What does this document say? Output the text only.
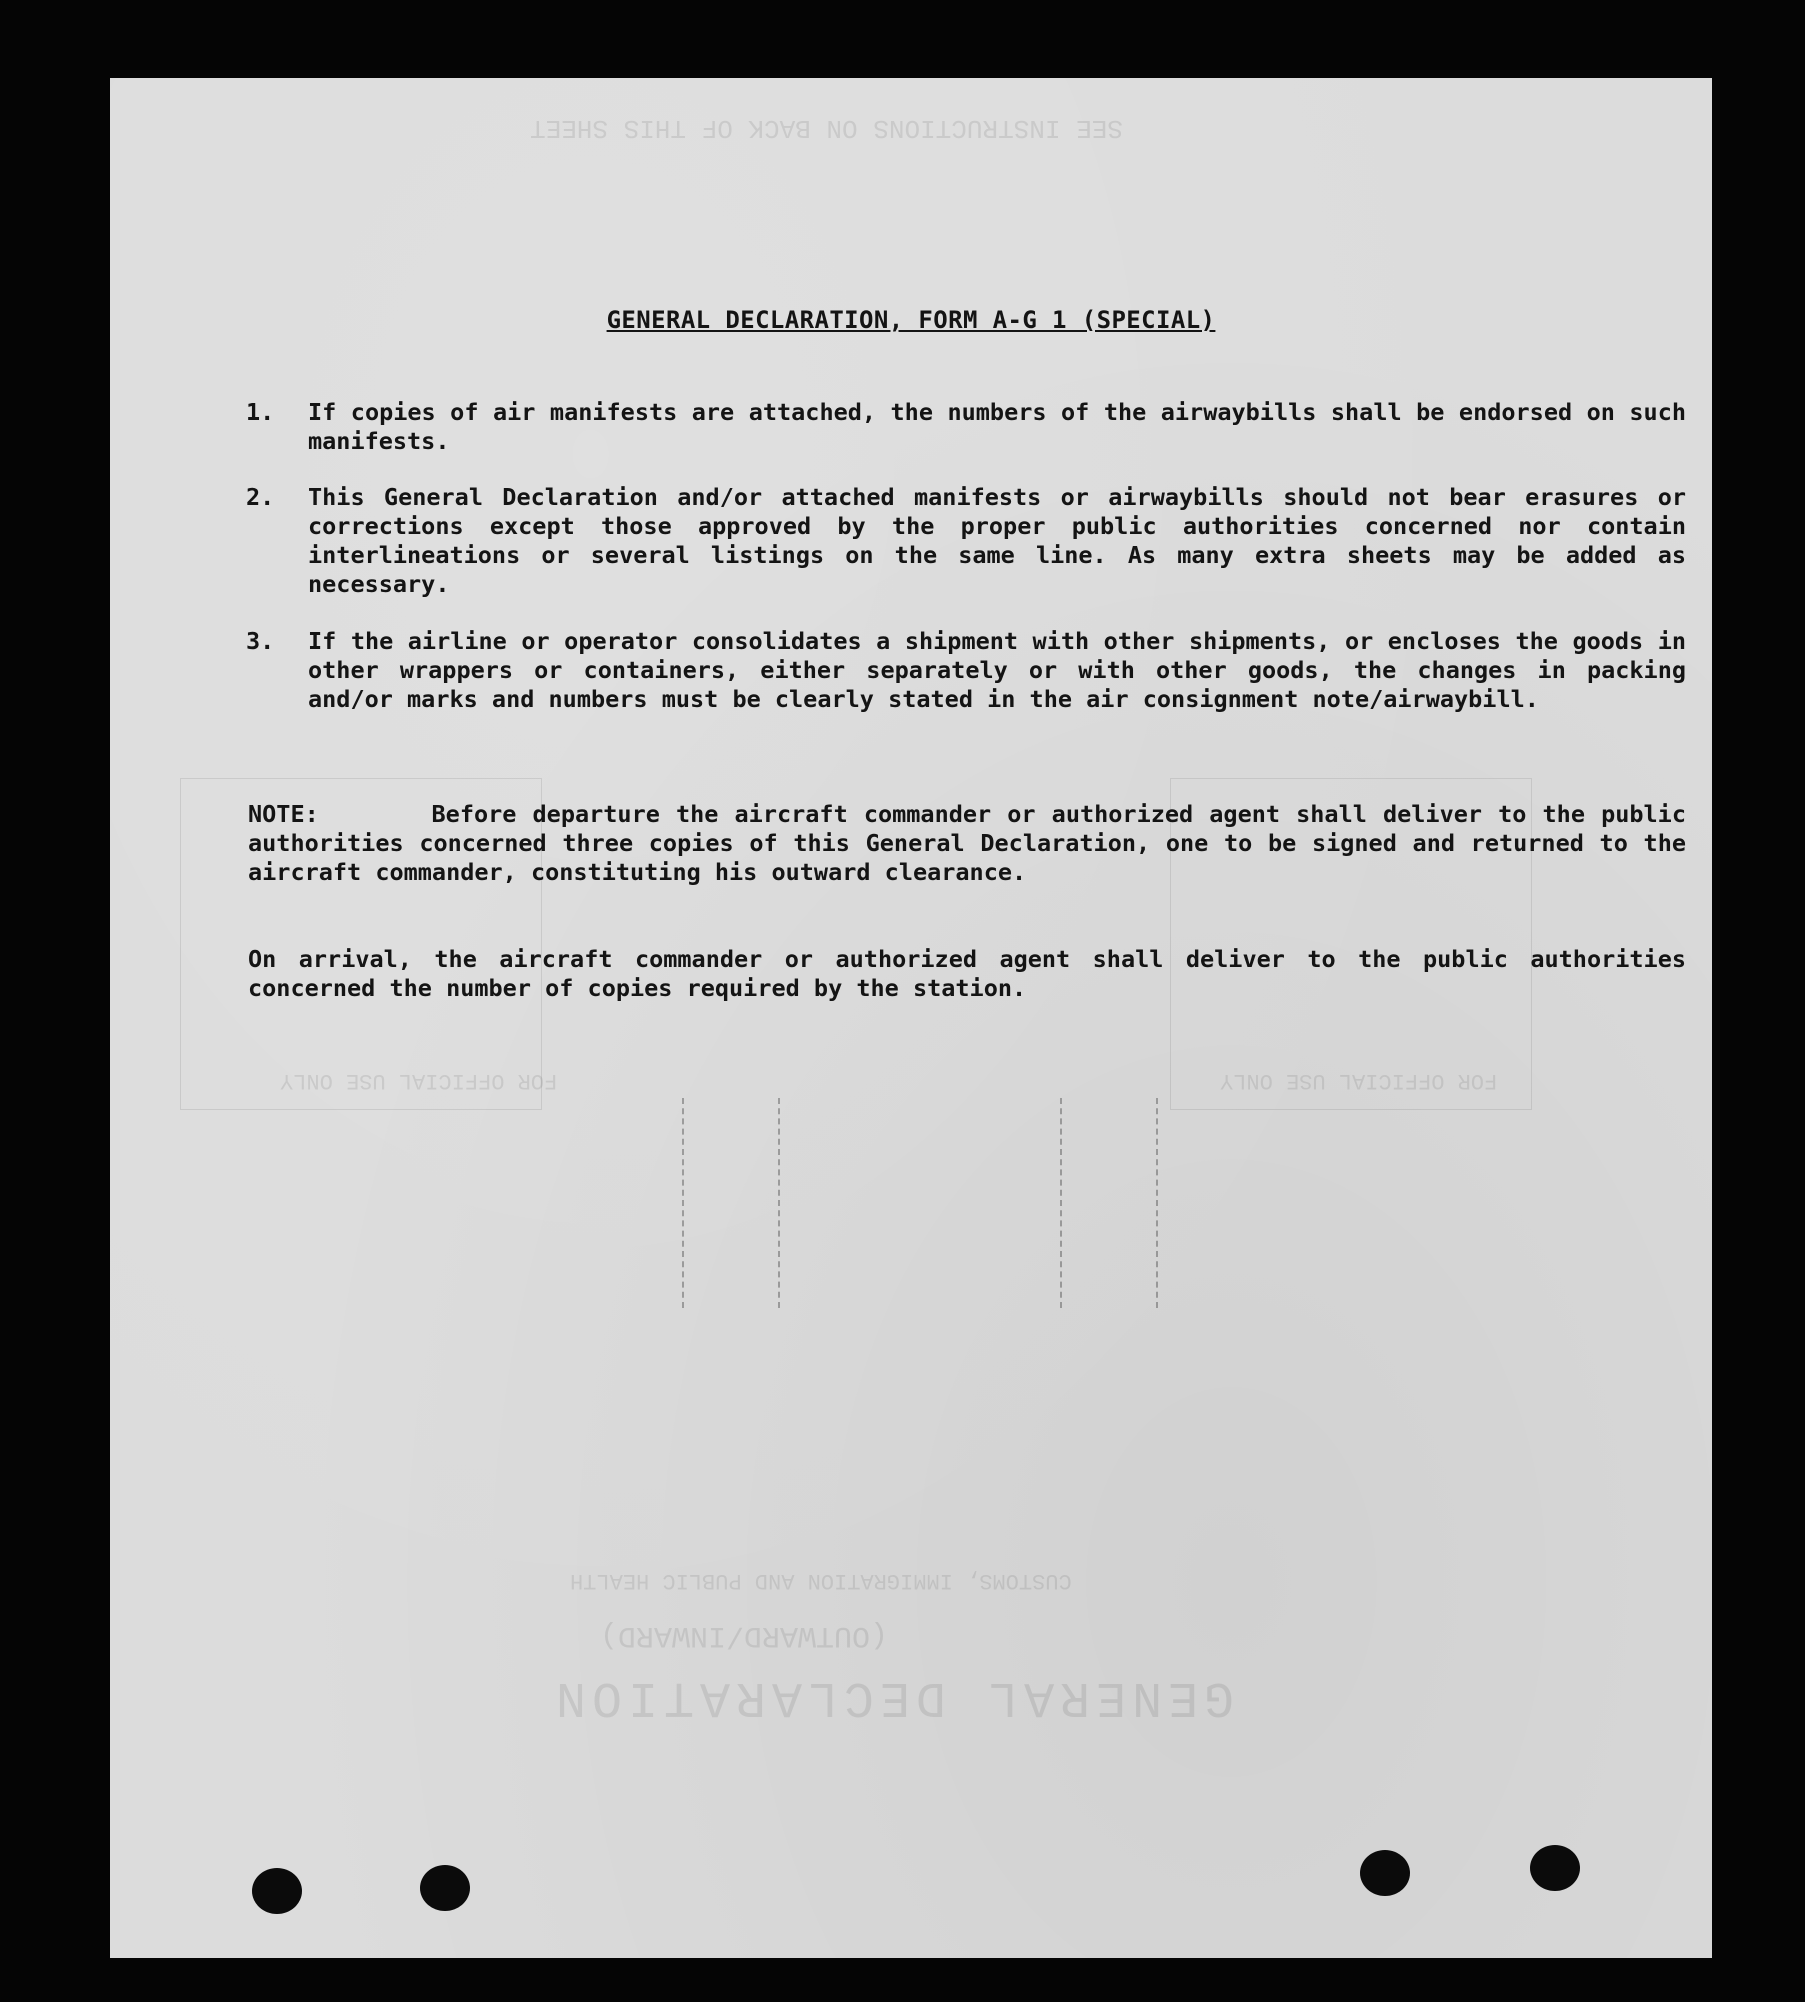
GENERAL DECLARATION
(OUTWARD/INWARD)
CUSTOMS, IMMIGRATION AND PUBLIC HEALTH
SEE INSTRUCTIONS ON BACK OF THIS SHEET
FOR OFFICIAL USE ONLY	FOR OFFICIAL USE ONLY
GENERAL DECLARATION, FORM A-G 1 (SPECIAL)
1. If copies of air manifests are attached, the numbers of the airwaybills shall be endorsed on such manifests.
2. This General Declaration and/or attached manifests or airwaybills should not bear erasures or corrections except those approved by the proper public authorities concerned nor contain interlineations or several listings on the same line. As many extra sheets may be added as necessary.
3. If the airline or operator consolidates a shipment with other shipments, or encloses the goods in other wrappers or containers, either separately or with other goods, the changes in packing and/or marks and numbers must be clearly stated in the air consignment note/airwaybill.
NOTE:	Before departure the aircraft commander or authorized agent shall deliver to the public authorities concerned three copies of this General Declaration, one to be signed and returned to the aircraft commander, constituting his outward clearance.
On arrival, the aircraft commander or authorized agent shall deliver to the public authorities concerned the number of copies required by the station.
